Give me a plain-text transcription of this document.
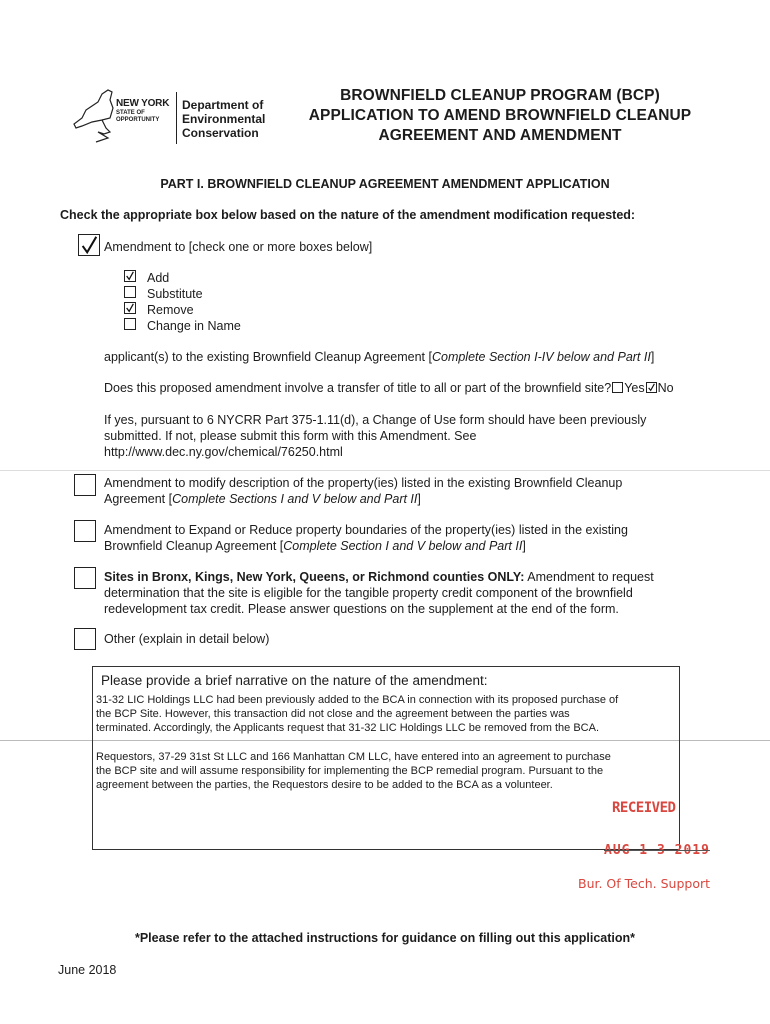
NEW YORK
STATE OF OPPORTUNITY
Department of
Environmental
Conservation
BROWNFIELD CLEANUP PROGRAM (BCP)
APPLICATION TO AMEND BROWNFIELD CLEANUP
AGREEMENT AND AMENDMENT
PART I. BROWNFIELD CLEANUP AGREEMENT AMENDMENT APPLICATION
Check the appropriate box below based on the nature of the amendment modification requested:
Amendment to [check one or more boxes below]
Add
Substitute
Remove
Change in Name
applicant(s) to the existing Brownfield Cleanup Agreement [Complete Section I-IV below and Part II]
Does this proposed amendment involve a transfer of title to all or part of the brownfield site? Yes No
If yes, pursuant to 6 NYCRR Part 375-1.11(d), a Change of Use form should have been previously
submitted. If not, please submit this form with this Amendment. See
http://www.dec.ny.gov/chemical/76250.html
Amendment to modify description of the property(ies) listed in the existing Brownfield Cleanup
Agreement [Complete Sections I and V below and Part II]
Amendment to Expand or Reduce property boundaries of the property(ies) listed in the existing
Brownfield Cleanup Agreement [Complete Section I and V below and Part II]
Sites in Bronx, Kings, New York, Queens, or Richmond counties ONLY: Amendment to request
determination that the site is eligible for the tangible property credit component of the brownfield
redevelopment tax credit. Please answer questions on the supplement at the end of the form.
Other (explain in detail below)
Please provide a brief narrative on the nature of the amendment:
31-32 LIC Holdings LLC had been previously added to the BCA in connection with its proposed purchase of
the BCP Site. However, this transaction did not close and the agreement between the parties was
terminated. Accordingly, the Applicants request that 31-32 LIC Holdings LLC be removed from the BCA.
Requestors, 37-29 31st St LLC and 166 Manhattan CM LLC, have entered into an agreement to purchase
the BCP site and will assume responsibility for implementing the BCP remedial program. Pursuant to the
agreement between the parties, the Requestors desire to be added to the BCA as a volunteer.
RECEIVED
AUG 1 3 2019
Bur. Of Tech. Support
*Please refer to the attached instructions for guidance on filling out this application*
June 2018
